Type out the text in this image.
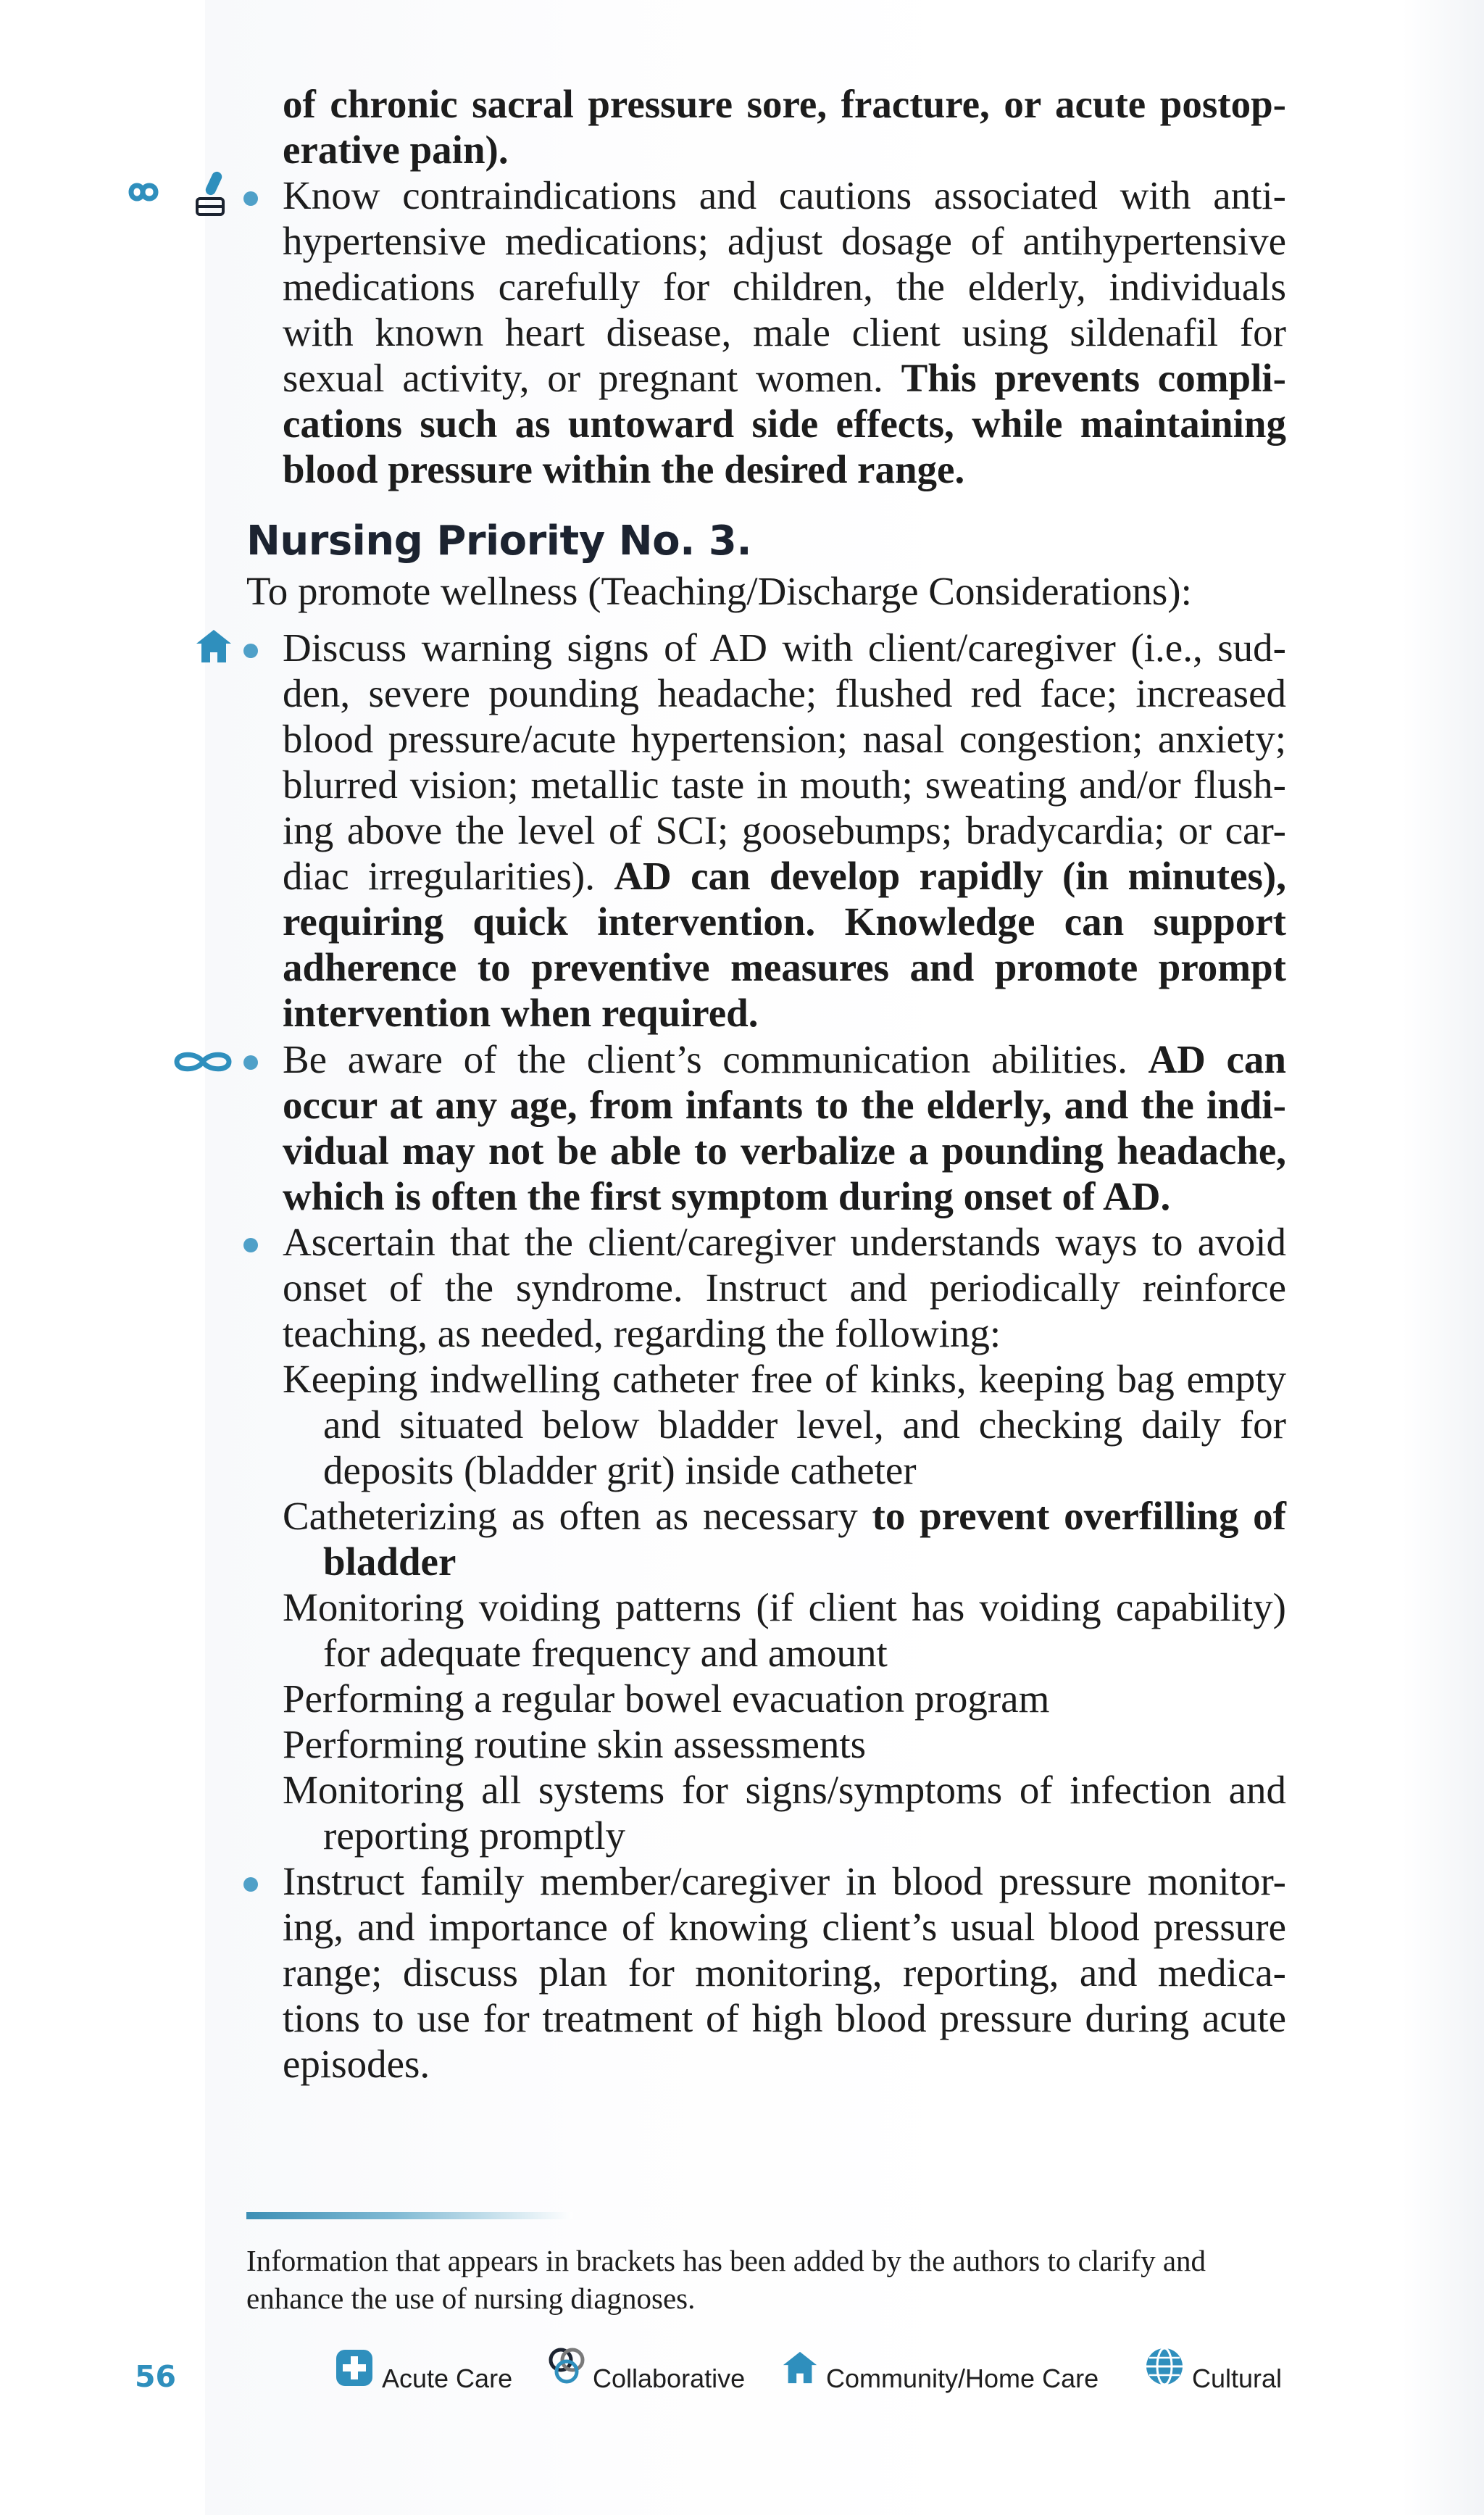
of chronic sacral pressure sore, fracture, or acute postop-erative pain).
Know contraindications and cautions associated with anti-hypertensive medications; adjust dosage of antihypertensive medications carefully for children, the elderly, individuals with known heart disease, male client using sildenafil for sexual activity, or pregnant women. This prevents compli-cations such as untoward side effects, while maintaining blood pressure within the desired range.
Nursing Priority No. 3.
To promote wellness (Teaching/Discharge Considerations):
Discuss warning signs of AD with client/caregiver (i.e., sud-den, severe pounding headache; flushed red face; increased blood pressure/acute hypertension; nasal congestion; anxiety; blurred vision; metallic taste in mouth; sweating and/or flush-ing above the level of SCI; goosebumps; bradycardia; or car-diac irregularities). AD can develop rapidly (in minutes), requiring quick intervention. Knowledge can support adherence to preventive measures and promote prompt intervention when required.
Be aware of the client’s communication abilities. AD can occur at any age, from infants to the elderly, and the indi-vidual may not be able to verbalize a pounding headache, which is often the first symptom during onset of AD.
Ascertain that the client/caregiver understands ways to avoid onset of the syndrome. Instruct and periodically reinforce teaching, as needed, regarding the following:
Keeping indwelling catheter free of kinks, keeping bag empty and situated below bladder level, and checking daily for deposits (bladder grit) inside catheter
Catheterizing as often as necessary to prevent overfilling of bladder
Monitoring voiding patterns (if client has voiding capability) for adequate frequency and amount
Performing a regular bowel evacuation program
Performing routine skin assessments
Monitoring all systems for signs/symptoms of infection and reporting promptly
Instruct family member/caregiver in blood pressure monitor-ing, and importance of knowing client’s usual blood pressure range; discuss plan for monitoring, reporting, and medica-tions to use for treatment of high blood pressure during acute episodes.
Information that appears in brackets has been added by the authors to clarify and enhance the use of nursing diagnoses.
56	Acute Care	Collaborative	Community/Home Care	Cultural
